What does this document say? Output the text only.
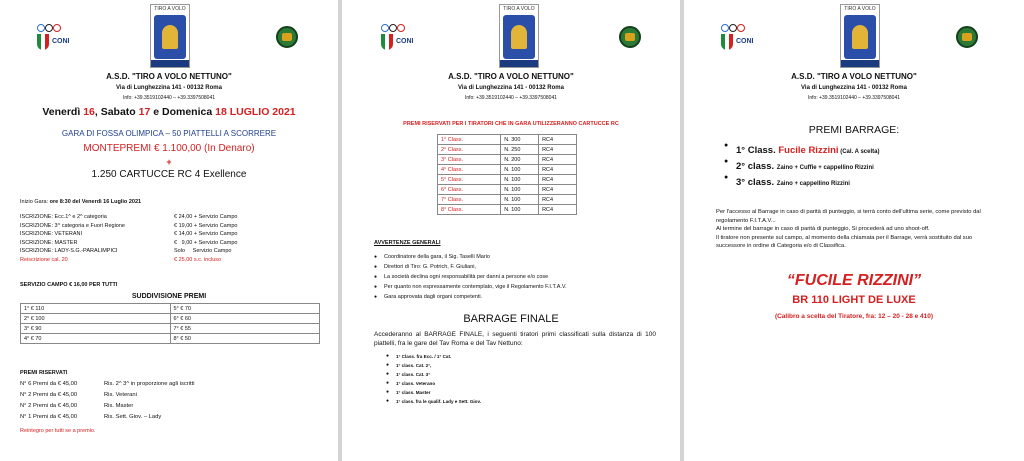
CONI
TIRO A VOLO
A.S.D. "TIRO A VOLO NETTUNO"
Via di Lunghezzina 141 - 00132 Roma
Info: +39.3519102440 – +39.3397508041
Venerdì 16, Sabato 17 e Domenica 18 LUGLIO 2021
GARA DI FOSSA OLIMPICA – 50 PIATTELLI A SCORRERE
MONTEPREMI € 1.100,00 (In Denaro)
+
1.250 CARTUCCE RC 4 Exellence
Inizio Gara: ore 8:30 del Venerdì 16 Luglio 2021
ISCRIZIONE: Ecc.1^ e 2^ categoria	€ 24,00 + Servizio Campo
ISCRIZIONE: 3^ categoria e Fuori Regione	€ 19,00 + Servizio Campo
ISCRIZIONE: VETERANI	€ 14,00 + Servizio Campo
ISCRIZIONE: MASTER	€   9,00 + Servizio Campo
ISCRIZIONE: LADY-S.G.-PARALIMPICI	Solo     Servizio Campo
Reiscrizione cal. 20	€ 25,00 s.c. incluso
SERVIZIO CAMPO € 16,00 PER TUTTI
SUDDIVISIONE PREMI
1° € 110	5° € 70
2° € 100	6° € 60
3° € 90	7° € 55
4° € 70	8° € 50
PREMI RISERVATI
N° 6 Premi da € 45,00	Ris. 2^ 3^ in proporzione agli iscritti
N° 2 Premi da € 45,00	Ris. Veterani
N° 2 Premi da € 45,00	Ris. Master
N° 1 Premi da € 45,00	Ris. Sett. Giov. – Lady
Reintegro per tutti se a premio.
CONI
TIRO A VOLO
A.S.D. "TIRO A VOLO NETTUNO"
Via di Lunghezzina 141 - 00132 Roma
Info: +39.3519102440 – +39.3397508041
PREMI RISERVATI PER I TIRATORI CHE IN GARA UTILIZZERANNO CARTUCCE RC
1° Class.	N. 300	RC4
2° Class.	N. 250	RC4
3° Class.	N. 200	RC4
4° Class.	N. 100	RC4
5° Class.	N. 100	RC4
6° Class.	N. 100	RC4
7° Class.	N. 100	RC4
8° Class.	N. 100	RC4
AVVERTENZE GENERALI
● Coordinatore della gara, il Sig. Taselli Mario
● Direttori di Tiro: G. Potrich, F. Giuliani,
● La società declina ogni responsabilità per danni a persone e/o cose
● Per quanto non espressamente contemplato, vige il Regolamento F.I.T.A.V.
● Gara approvata dagli organi competenti.
BARRAGE FINALE
Accederanno al BARRAGE FINALE, i seguenti tiratori primi classificati sulla distanza di 100 piattelli, fra le gare del Tav Roma e del Tav Nettuno:
● 1° Class. fra Ecc. / 1° Cat.
● 1° class. Cat. 2°,
● 1° class. Cat. 3°
● 1° class. Veterano
● 1° class. Master
● 1° class. fra le qualif. Lady e Sett. Giov.
CONI
TIRO A VOLO
A.S.D. "TIRO A VOLO NETTUNO"
Via di Lunghezzina 141 - 00132 Roma
Info: +39.3519102440 – +39.3397508041
PREMI BARRAGE:
● 1° Class. Fucile Rizzini (Cal. A scelta)
● 2° class. Zaino + Cuffie + cappellino Rizzini
● 3° class. Zaino + cappellino Rizzini
Per l'accesso al Barrage in caso di parità di punteggio, si terrà conto dell'ultima serie, come previsto dal regolamento F.I.T.A.V...
Al termine del barrage in caso di parità di punteggio, Si procederà ad uno shoot-off.
Il tiratore non presente sul campo, al momento della chiamata per il Barrage, verrà sostituito dal suo successore in ordine di Categoria e/o di Classifica.
“FUCILE RIZZINI”
BR 110 LIGHT DE LUXE
(Calibro a scelta del Tiratore, fra: 12 – 20 - 28 e 410)
